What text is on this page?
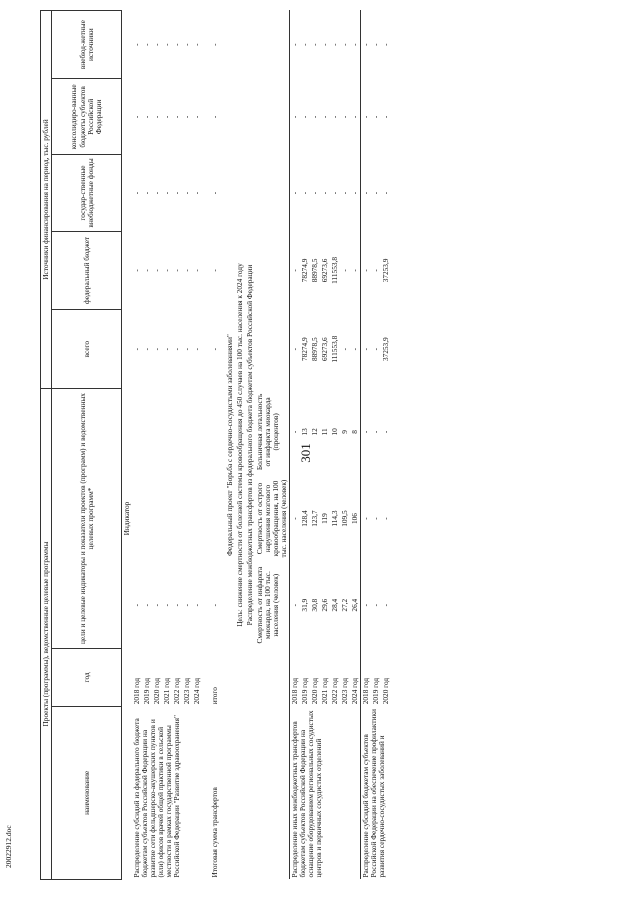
301
20022912.doc
Проекты (программы), ведомственные целевые программы					Источники финансирования на период, тыс. рублей				
наименование	год	цели и целевые индикаторы и показатели проектов (программ) и ведомственных целевых программ*			всего	федеральный бюджет	государ-ственные внебюджетные фонды	консолидиро-ванные бюджеты субъектов Российской Федерации	внебюд-жетные источники
		Индикатор							
Распределение субсидий из федерального бюджета бюджетам субъектов Российской Федерации на развитие сети фельдшерско-акушерских пунктов и (или) офисов врачей общей практики в сельской местности в рамках государственной программы Российской Федерации "Развитие здравоохранения"	2018 год	-			-	-	-	-	-
	2019 год	-			-	-	-	-	-
	2020 год	-			-	-	-	-	-
	2021 год	-			-	-	-	-	-
	2022 год	-			-	-	-	-	-
	2023 год	-			-	-	-	-	-
	2024 год	-			-	-	-	-	-
Итоговая сумма трансфертов	итого	-			-	-	-	-	-
Федеральный проект "Борьба с сердечно-сосудистыми заболеваниями"									
Цель: снижение смертности от болезней системы кровообращения до 450 случаев на 100 тыс. населения к 2024 году									
Распределение межбюджетных трансфертов из федерального бюджета бюджетам субъектов Российской Федерации									
		Смертность от инфаркта миокарда, на 100 тыс. населения (человек)	Смертность от острого нарушения мозгового кровообращения, на 100 тыс. населения (человек)	Больничная летальность от инфаркта миокарда (процентов)					
Распределение иных межбюджетных трансфертов бюджетам субъектов Российской Федерации на оснащение оборудованием региональных сосудистых центров и первичных сосудистых отделений	2018 год	-	-	-	-	-	-	-	-
	2019 год	31,9	128,4	13	78274,9	78274,9	-	-	-
	2020 год	30,8	123,7	12	88978,5	88978,5	-	-	-
	2021 год	29,6	119	11	69273,6	69273,6	-	-	-
	2022 год	28,4	114,3	10	111553,8	111553,8	-	-	-
	2023 год	27,2	109,5	9	-	-	-	-	-
	2024 год	26,4	106	8	-	-	-	-	-
Распределение субсидий бюджетам субъектов Российской Федерации на обеспечение профилактики развития сердечно-сосудистых заболеваний и	2018 год	-	-	-	-	-	-	-	-
	2019 год	-	-	-	-	-	-	-	-
	2020 год	-	-	-	37253,9	37253,9	-	-	-
